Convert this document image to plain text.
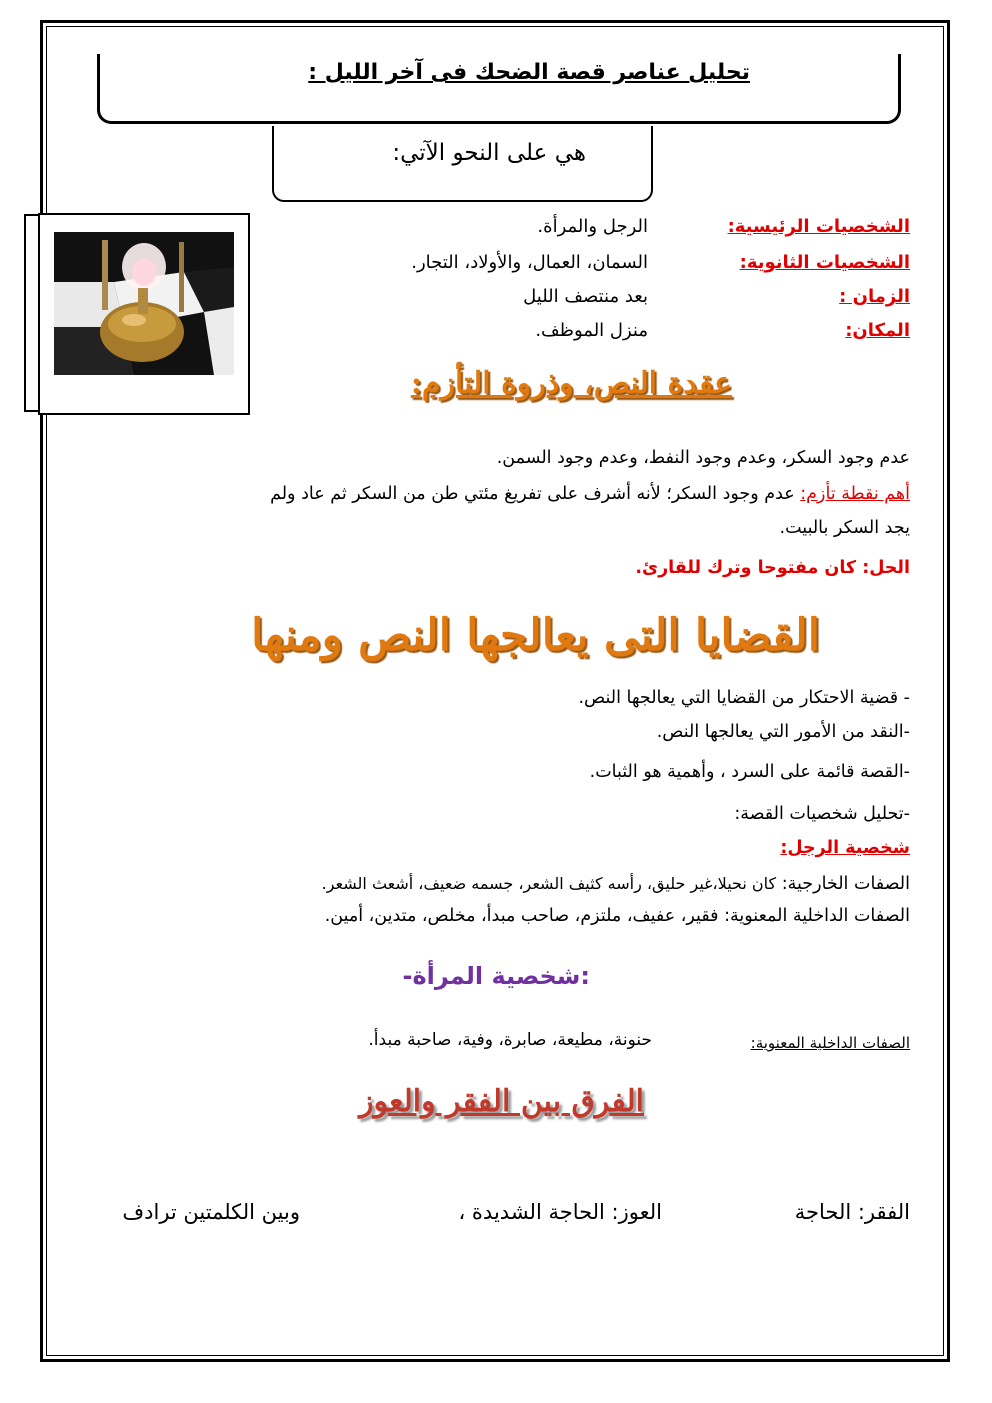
تحليل عناصر قصة الضحك فى آخر الليل :
هي على النحو الآتي:
الشخصيات الرئيسية:
الرجل والمرأة.
الشخصيات الثانوية:
السمان، العمال، والأولاد، التجار.
الزمان :
بعد منتصف الليل
المكان:
منزل الموظف.
عقدة النص، وذروة التأزم:
عدم وجود السكر، وعدم وجود النفط، وعدم وجود السمن.
أهم نقطة تأزم: عدم وجود السكر؛ لأنه أشرف على تفريغ مئتي طن من السكر ثم عاد ولم
يجد السكر بالبيت.
الحل: كان مفتوحا وترك للقارئ.
القضايا التى يعالجها النص ومنها
- قضية الاحتكار من القضايا التي يعالجها النص.
-النقد من الأمور التي يعالجها النص.
-القصة قائمة على السرد ، وأهمية هو الثبات.
-تحليل شخصيات القصة:
شخصية الرجل:
الصفات الخارجية: كان نحيلا،غير حليق، رأسه كثيف الشعر، جسمه ضعيف، أشعث الشعر.
الصفات الداخلية المعنوية: فقير، عفيف، ملتزم، صاحب مبدأ، مخلص، متدين، أمين.
:شخصية المرأة-
الصفات الداخلية المعنوية:
حنونة، مطيعة، صابرة، وفية، صاحبة مبدأ.
الفرق بين الفقر والعوز
الفقر: الحاجة
العوز: الحاجة الشديدة ،
وبين الكلمتين ترادف
